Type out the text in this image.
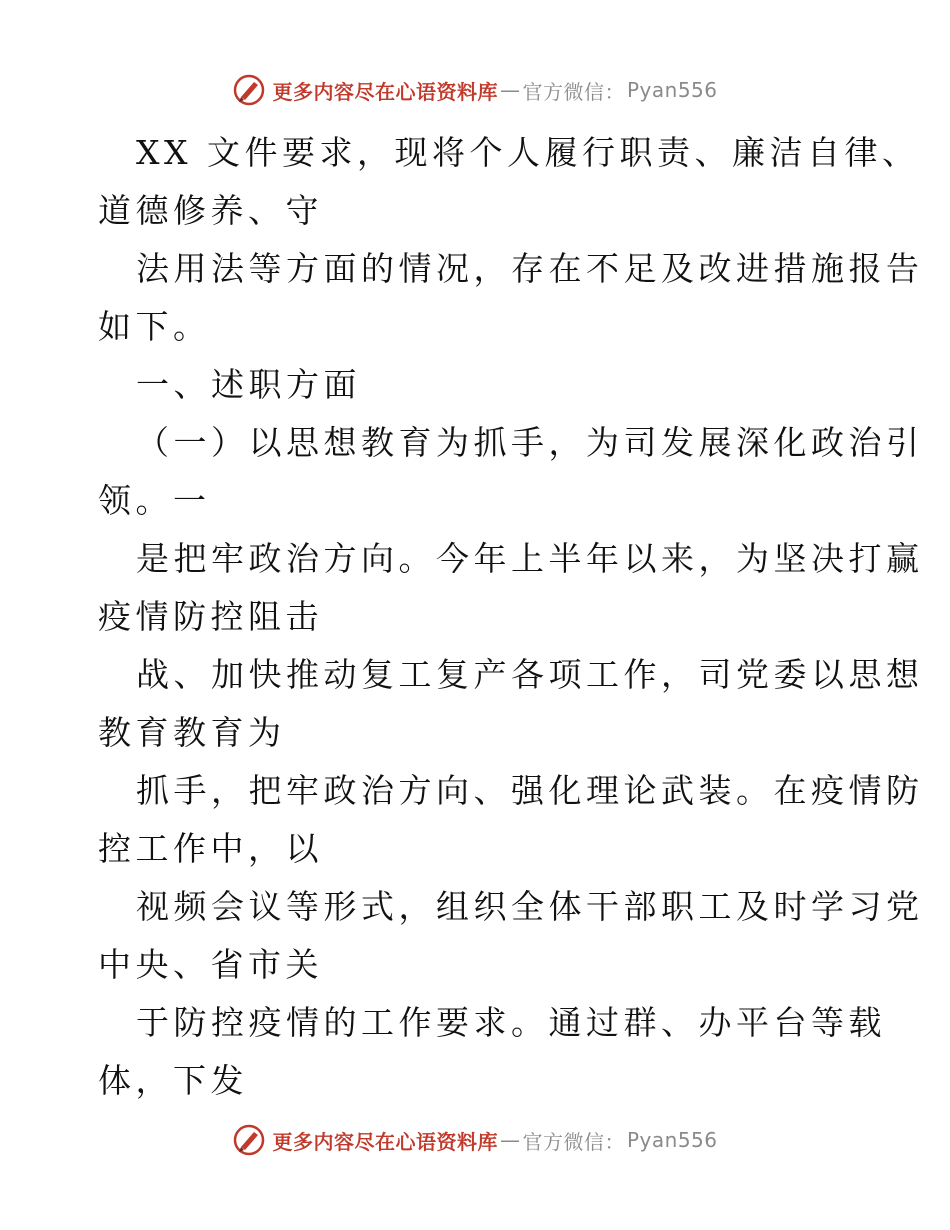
更多内容尽在心语资料库 — 官方微信： Pyan556
XX 文件要求，现将个人履行职责、廉洁自律、
道德修养、守
法用法等方面的情况，存在不足及改进措施报告
如下。
一、述职方面
（一）以思想教育为抓手，为司发展深化政治引
领。一
是把牢政治方向。今年上半年以来，为坚决打赢
疫情防控阻击
战、加快推动复工复产各项工作，司党委以思想
教育教育为
抓手，把牢政治方向、强化理论武装。在疫情防
控工作中，以
视频会议等形式，组织全体干部职工及时学习党
中央、省市关
于防控疫情的工作要求。通过群、办平台等载
体，下发
更多内容尽在心语资料库 — 官方微信： Pyan556
